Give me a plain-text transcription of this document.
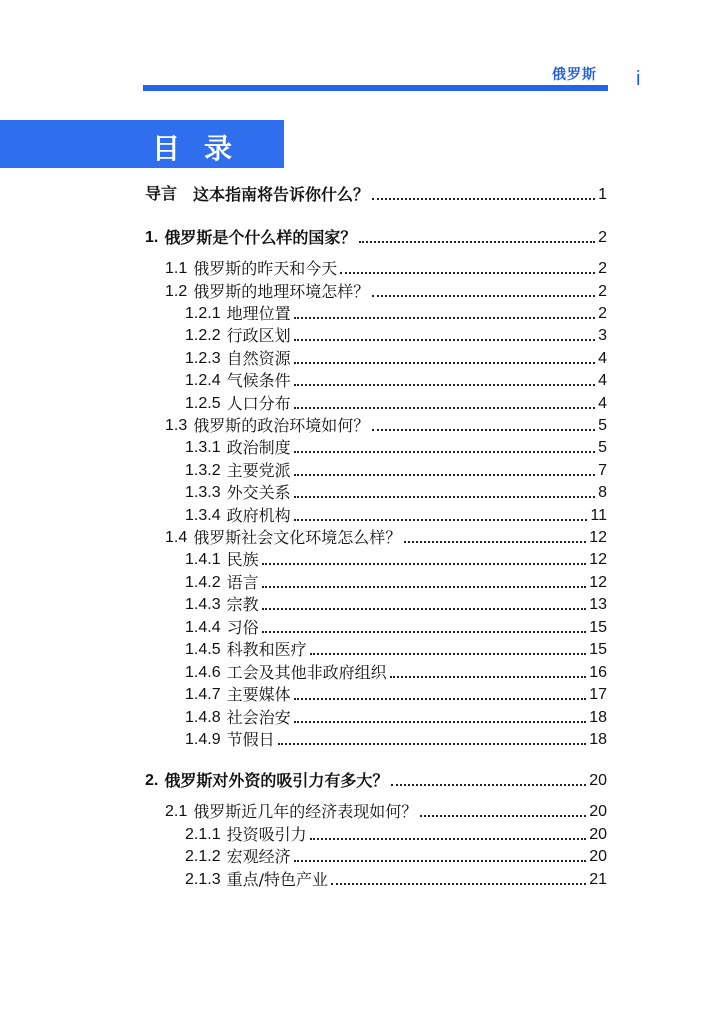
俄罗斯 i
目录
导言 这本指南将告诉你什么？	1
1. 俄罗斯是个什么样的国家？	2
1.1 俄罗斯的昨天和今天	2
1.2 俄罗斯的地理环境怎样？	2
1.2.1 地理位置	2
1.2.2 行政区划	3
1.2.3 自然资源	4
1.2.4 气候条件	4
1.2.5 人口分布	4
1.3 俄罗斯的政治环境如何？	5
1.3.1 政治制度	5
1.3.2 主要党派	7
1.3.3 外交关系	8
1.3.4 政府机构	11
1.4 俄罗斯社会文化环境怎么样？	12
1.4.1 民族	12
1.4.2 语言	12
1.4.3 宗教	13
1.4.4 习俗	15
1.4.5 科教和医疗	15
1.4.6 工会及其他非政府组织	16
1.4.7 主要媒体	17
1.4.8 社会治安	18
1.4.9 节假日	18
2. 俄罗斯对外资的吸引力有多大？	20
2.1 俄罗斯近几年的经济表现如何？	20
2.1.1 投资吸引力	20
2.1.2 宏观经济	20
2.1.3 重点/特色产业	21
